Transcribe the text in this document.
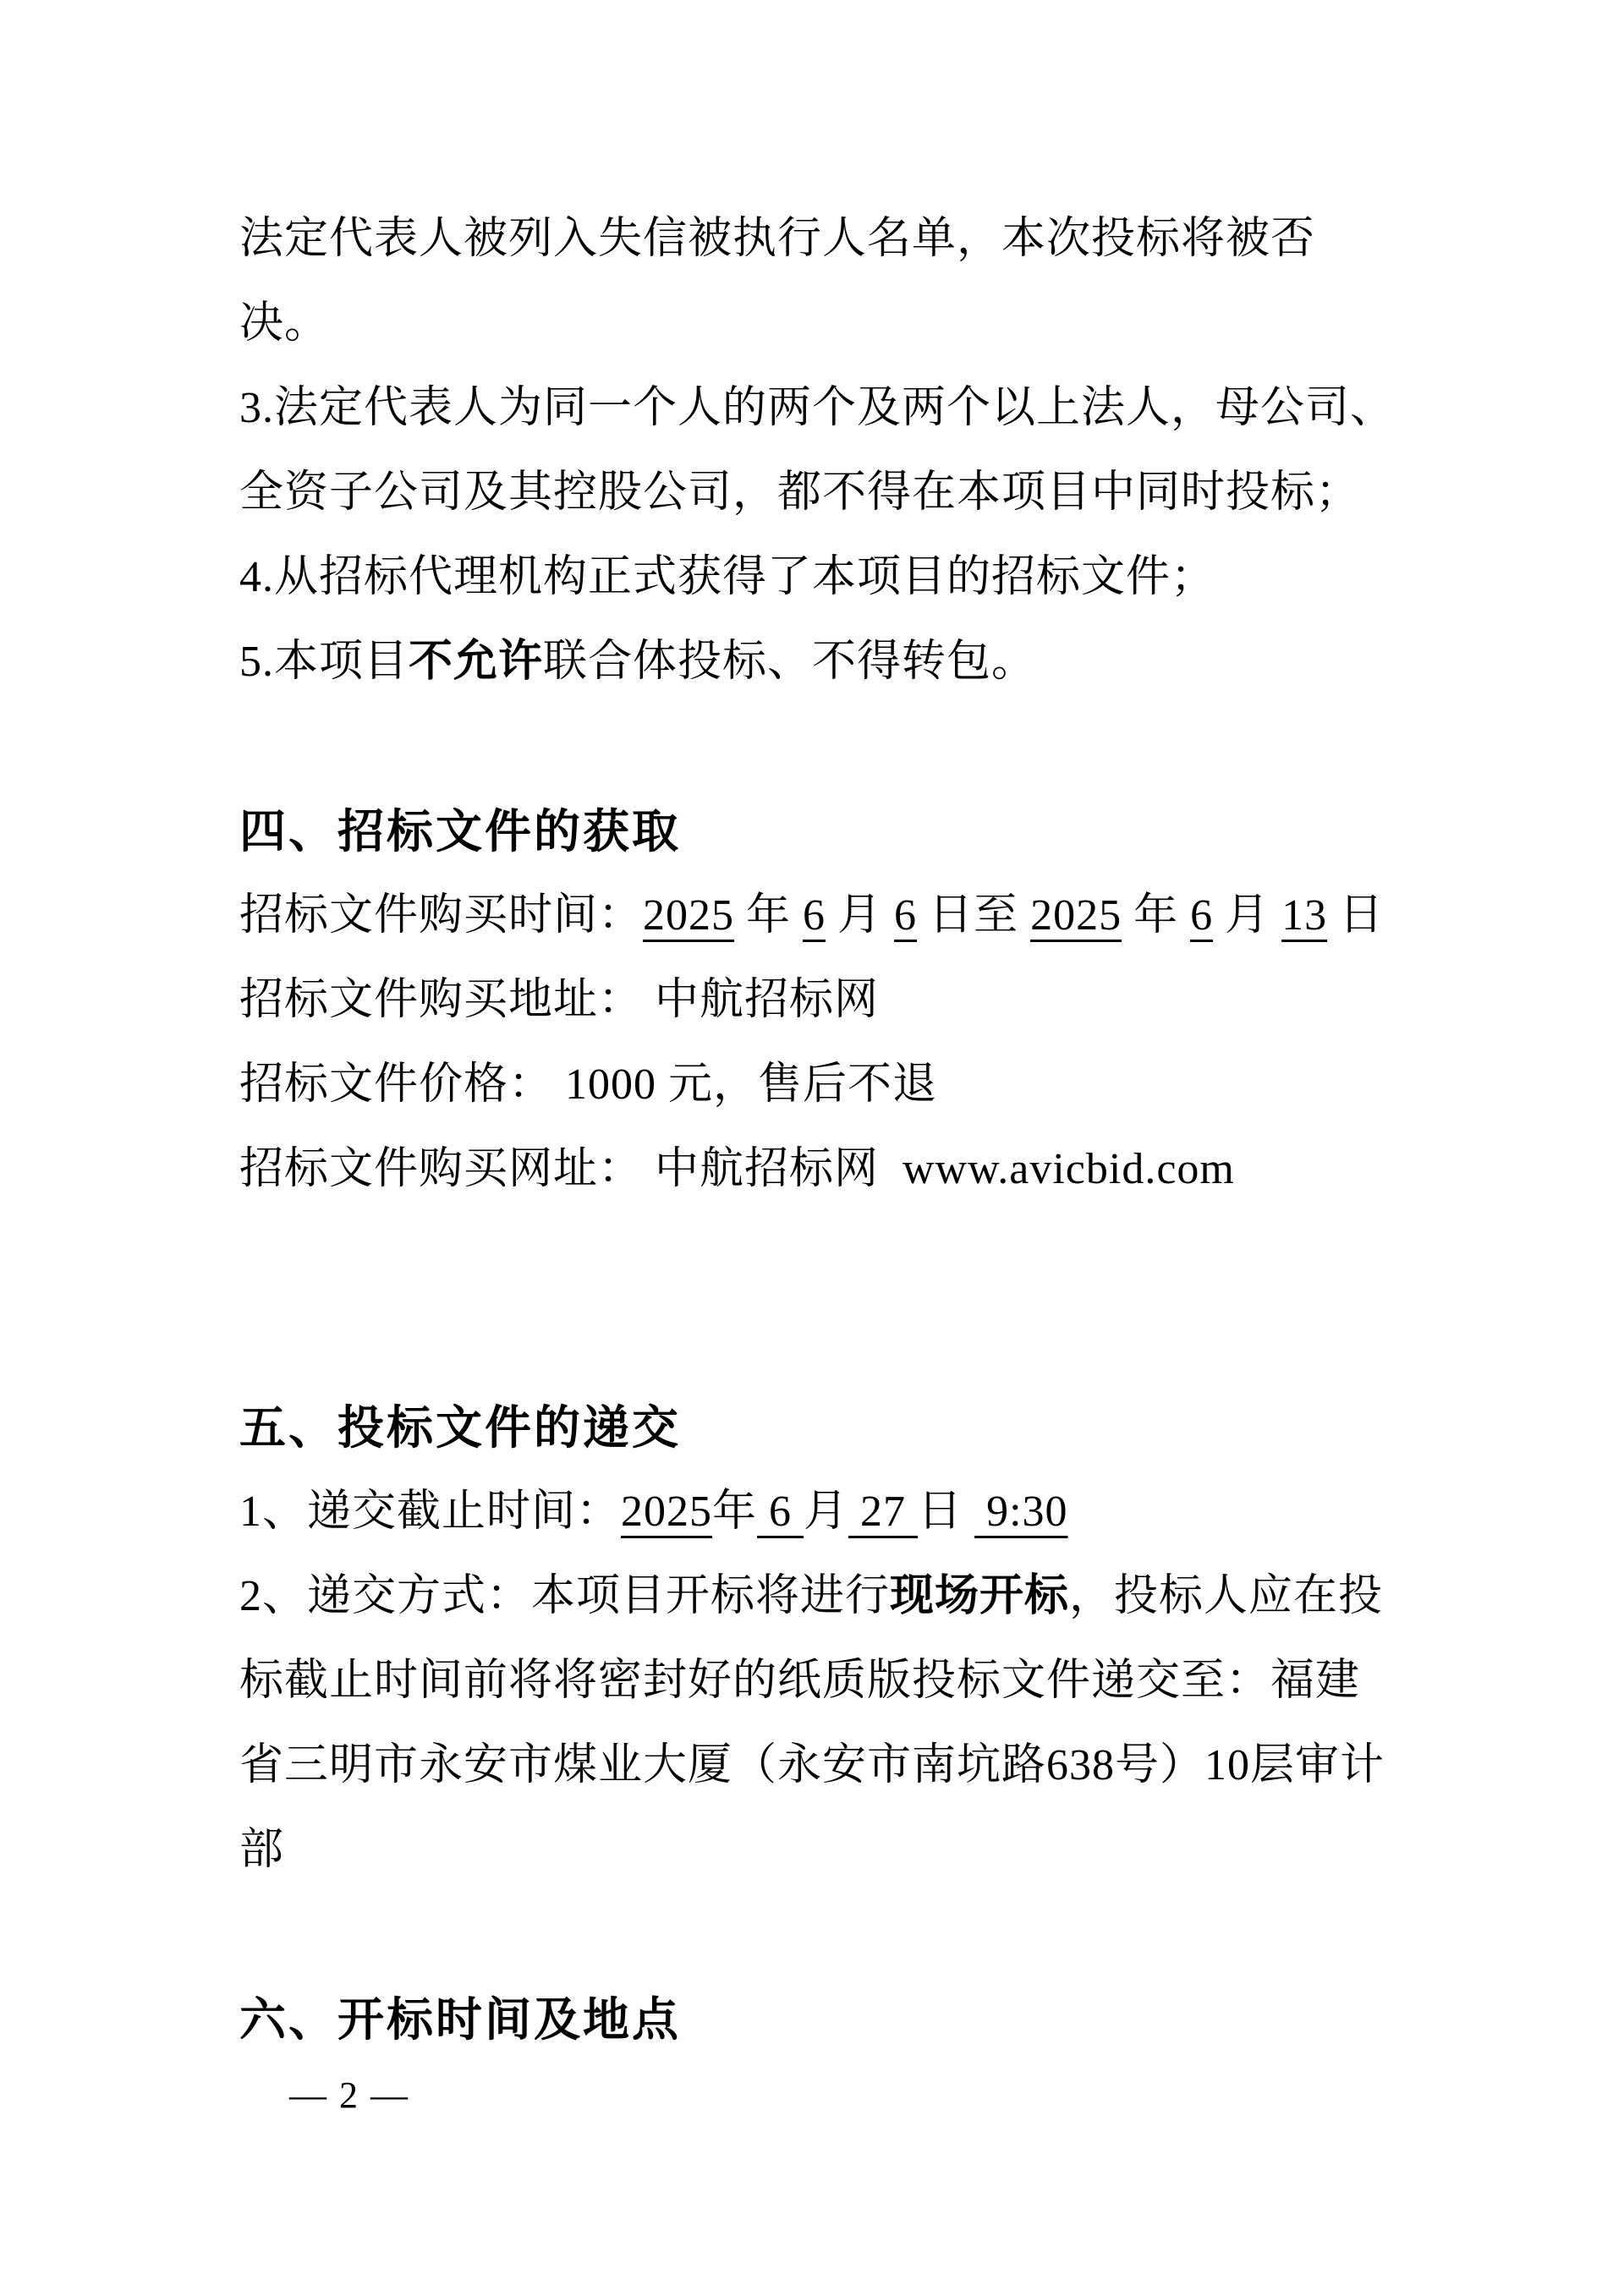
法定代表人被列入失信被执行人名单，本次投标将被否
决。
3.法定代表人为同一个人的两个及两个以上法人，母公司、
全资子公司及其控股公司，都不得在本项目中同时投标；
4.从招标代理机构正式获得了本项目的招标文件；
5.本项目不允许联合体投标、不得转包。
四、招标文件的获取
招标文件购买时间：2025 年 6 月 6 日至 2025 年 6 月 13 日
招标文件购买地址： 中航招标网
招标文件价格： 1000 元，售后不退
招标文件购买网址： 中航招标网  www.avicbid.com
五、投标文件的递交
1、递交截止时间：2025年 6 月 27 日  9:30
2、递交方式：本项目开标将进行现场开标，投标人应在投
标截止时间前将将密封好的纸质版投标文件递交至：福建
省三明市永安市煤业大厦（永安市南坑路638号）10层审计
部
六、开标时间及地点
— 2 —
